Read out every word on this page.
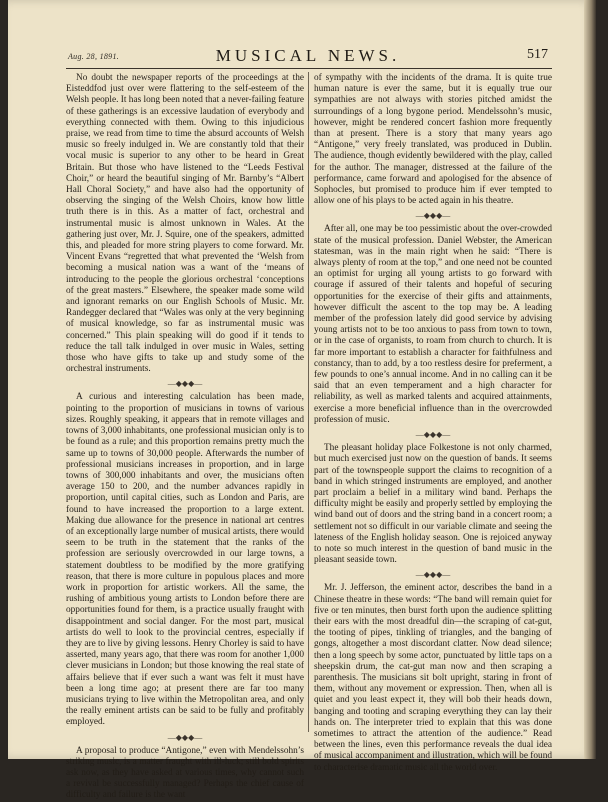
Aug. 28, 1891.	MUSICAL NEWS.	517

No doubt the newspaper reports of the proceedings at the Eisteddfod just over were flattering to the self-esteem of the Welsh people. It has long been noted that a never-failing feature of these gatherings is an excessive laudation of everybody and everything connected with them. Owing to this injudicious praise, we read from time to time the absurd accounts of Welsh music so freely indulged in. We are constantly told that their vocal music is superior to any other to be heard in Great Britain. But those who have listened to the “Leeds Festival Choir,” or heard the beautiful singing of Mr. Barnby’s “Albert Hall Choral Society,” and have also had the opportunity of observing the singing of the Welsh Choirs, know how little truth there is in this. As a matter of fact, orchestral and instrumental music is almost unknown in Wales. At the gathering just over, Mr. J. Squire, one of the speakers, admitted this, and pleaded for more string players to come forward. Mr. Vincent Evans “regretted that what prevented the ‘Welsh from becoming a musical nation was a want of the ‘means of introducing to the people the glorious orchestral ‘conceptions of the great masters.” Elsewhere, the speaker made some wild and ignorant remarks on our English Schools of Music. Mr. Randegger declared that “Wales was only at the very beginning of musical knowledge, so far as instrumental music was concerned.” This plain speaking will do good if it tends to reduce the tall talk indulged in over music in Wales, setting those who have gifts to take up and study some of the orchestral instruments.

—◆◆◆—

A curious and interesting calculation has been made, pointing to the proportion of musicians in towns of various sizes. Roughly speaking, it appears that in remote villages and towns of 3,000 inhabitants, one professional musician only is to be found as a rule; and this proportion remains pretty much the same up to towns of 30,000 people. Afterwards the number of professional musicians increases in proportion, and in large towns of 300,000 inhabitants and over, the musicians often average 150 to 200, and the number advances rapidly in proportion, until capital cities, such as London and Paris, are found to have increased the proportion to a large extent. Making due allowance for the presence in national art centres of an exceptionally large number of musical artists, there would seem to be truth in the statement that the ranks of the profession are seriously overcrowded in our large towns, a statement doubtless to be modified by the more gratifying reason, that there is more culture in populous places and more work in proportion for artistic workers. All the same, the rushing of ambitious young artists to London before there are opportunities found for them, is a practice usually fraught with disappointment and social danger. For the most part, musical artists do well to look to the provincial centres, especially if they are to live by giving lessons. Henry Chorley is said to have asserted, many years ago, that there was room for another 1,000 clever musicians in London; but those knowing the real state of affairs believe that if ever such a want was felt it must have been a long time ago; at present there are far too many musicians trying to live within the Metropolitan area, and only the really eminent artists can be said to be fully and profitably employed.

—◆◆◆—

A proposal to produce “Antigone,” even with Mendelssohn’s striking music, is a matter fraught with ill-luck; still bold spirits ask now, as they have asked at various times, why cannot such a revival be successfully managed? Perhaps the chief cause of difficulty and failure is the want

of sympathy with the incidents of the drama. It is quite true human nature is ever the same, but it is equally true our sympathies are not always with stories pitched amidst the surroundings of a long bygone period. Mendelssohn’s music, however, might be rendered concert fashion more frequently than at present. There is a story that many years ago “Antigone,” very freely translated, was produced in Dublin. The audience, though evidently bewildered with the play, called for the author. The manager, distressed at the failure of the performance, came forward and apologised for the absence of Sophocles, but promised to produce him if ever tempted to allow one of his plays to be acted again in his theatre.

—◆◆◆—

After all, one may be too pessimistic about the over-crowded state of the musical profession. Daniel Webster, the American statesman, was in the main right when he said: “There is always plenty of room at the top,” and one need not be counted an optimist for urging all young artists to go forward with courage if assured of their talents and hopeful of securing opportunities for the exercise of their gifts and attainments, however difficult the ascent to the top may be. A leading member of the profession lately did good service by advising young artists not to be too anxious to pass from town to town, or in the case of organists, to roam from church to church. It is far more important to establish a character for faithfulness and constancy, than to add, by a too restless desire for preferment, a few pounds to one’s annual income. And in no calling can it be said that an even temperament and a high character for reliability, as well as marked talents and acquired attainments, exercise a more beneficial influence than in the overcrowded profession of music.

—◆◆◆—

The pleasant holiday place Folkestone is not only charmed, but much exercised just now on the question of bands. It seems part of the townspeople support the claims to recognition of a band in which stringed instruments are employed, and another part proclaim a belief in a military wind band. Perhaps the difficulty might be easily and properly settled by employing the wind band out of doors and the string band in a concert room; a settlement not so difficult in our variable climate and seeing the lateness of the English holiday season. One is rejoiced anyway to note so much interest in the question of band music in the pleasant seaside town.

—◆◆◆—

Mr. J. Jefferson, the eminent actor, describes the band in a Chinese theatre in these words: “The band will remain quiet for five or ten minutes, then burst forth upon the audience splitting their ears with the most dreadful din—the scraping of cat-gut, the tooting of pipes, tinkling of triangles, and the banging of gongs, altogether a most discordant clatter. Now dead silence; then a long speech by some actor, punctuated by little taps on a sheepskin drum, the cat-gut man now and then scraping a parenthesis. The musicians sit bolt upright, staring in front of them, without any movement or expression. Then, when all is quiet and you least expect it, they will bob their heads down, banging and tooting and scraping everything they can lay their hands on. The interpreter tried to explain that this was done sometimes to attract the attention of the audience.” Read between the lines, even this performance reveals the dual idea of musical accompaniment and illustration, which will be found to characterise dramatic music all the world over.
